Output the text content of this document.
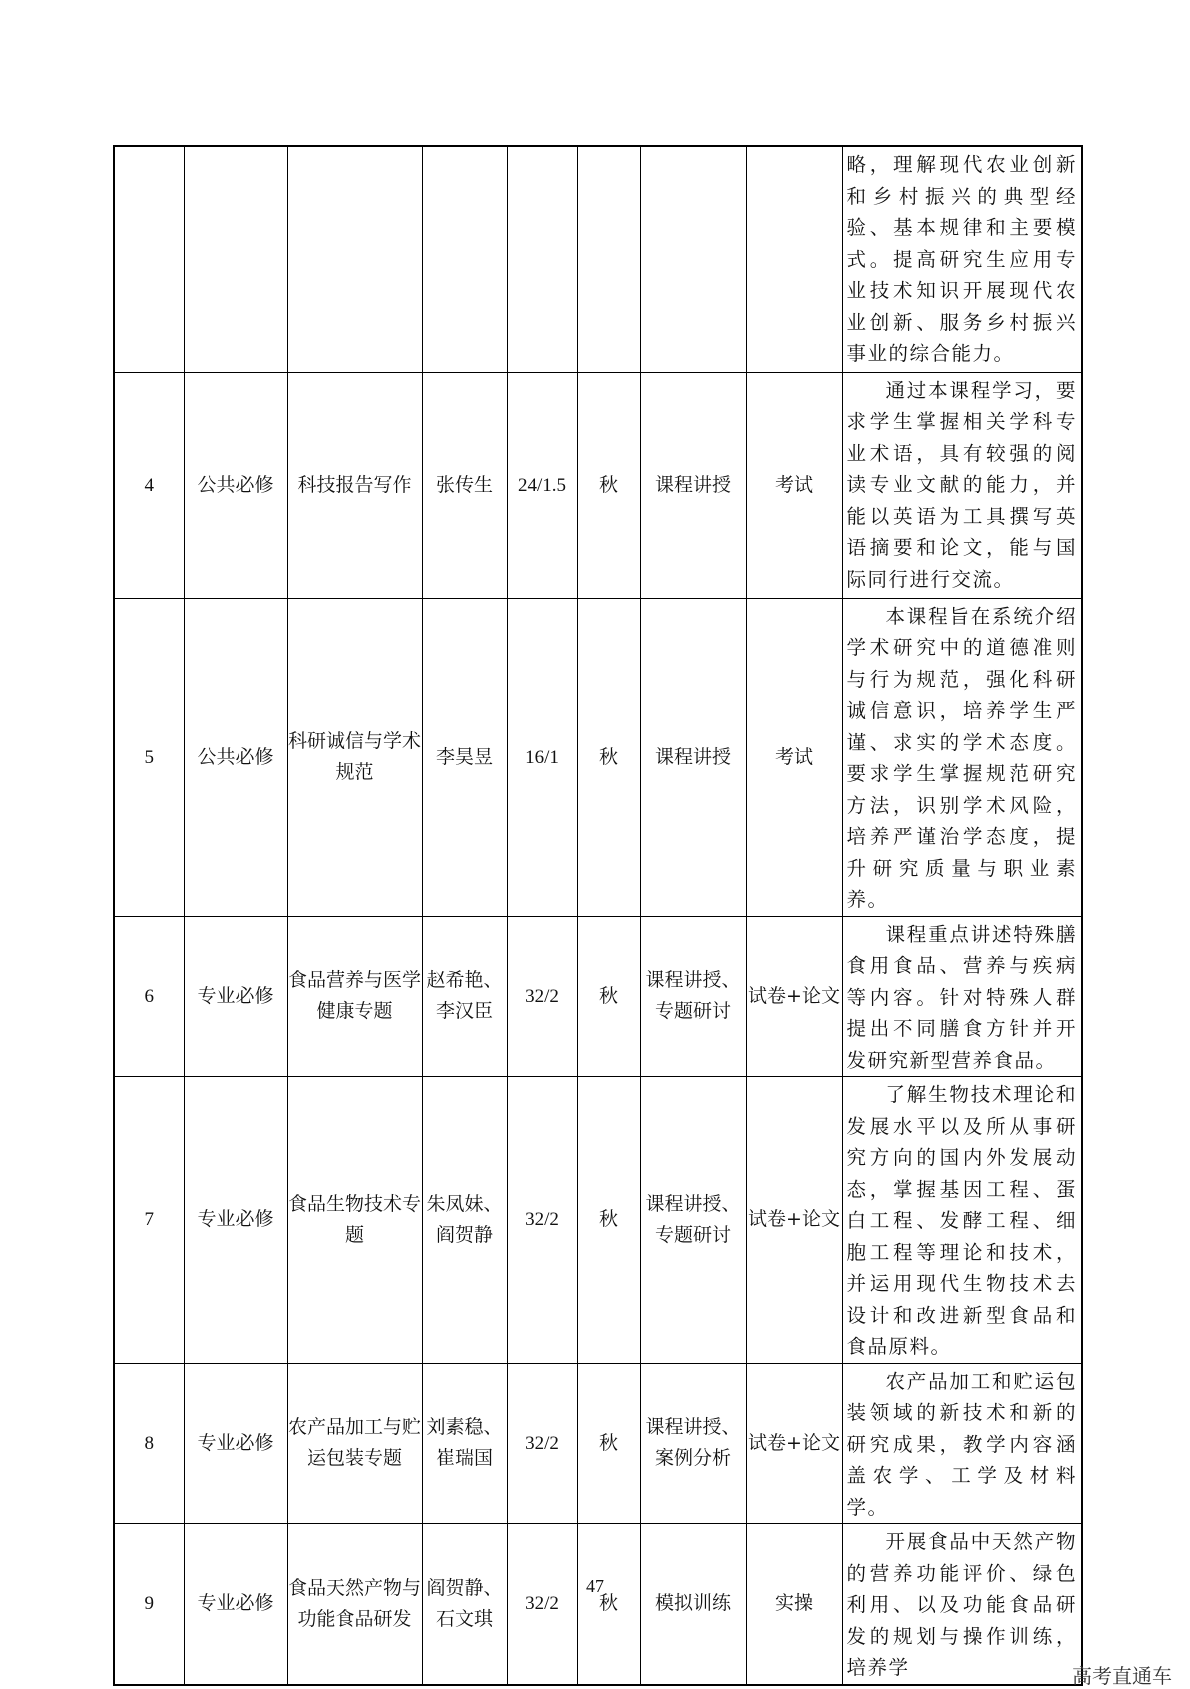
								略，理解现代农业创新和乡村振兴的典型经验、基本规律和主要模式。提高研究生应用专业技术知识开展现代农业创新、服务乡村振兴事业的综合能力。

4	公共必修	科技报告写作	张传生	24/1.5	秋	课程讲授	考试	通过本课程学习，要求学生掌握相关学科专业术语，具有较强的阅读专业文献的能力，并能以英语为工具撰写英语摘要和论文，能与国际同行进行交流。

5	公共必修	科研诚信与学术规范	李昊昱	16/1	秋	课程讲授	考试	本课程旨在系统介绍学术研究中的道德准则与行为规范，强化科研诚信意识，培养学生严谨、求实的学术态度。要求学生掌握规范研究方法，识别学术风险，培养严谨治学态度，提升研究质量与职业素养。

6	专业必修	食品营养与医学健康专题	赵希艳、李汉臣	32/2	秋	课程讲授、专题研讨	试卷+论文	课程重点讲述特殊膳食用食品、营养与疾病等内容。针对特殊人群提出不同膳食方针并开发研究新型营养食品。

7	专业必修	食品生物技术专题	朱凤妹、阎贺静	32/2	秋	课程讲授、专题研讨	试卷+论文	了解生物技术理论和发展水平以及所从事研究方向的国内外发展动态，掌握基因工程、蛋白工程、发酵工程、细胞工程等理论和技术，并运用现代生物技术去设计和改进新型食品和食品原料。

8	专业必修	农产品加工与贮运包装专题	刘素稳、崔瑞国	32/2	秋	课程讲授、案例分析	试卷+论文	农产品加工和贮运包装领域的新技术和新的研究成果，教学内容涵盖农学、工学及材料学。

9	专业必修	食品天然产物与功能食品研发	阎贺静、石文琪	32/2	秋	模拟训练	实操	开展食品中天然产物的营养功能评价、绿色利用、以及功能食品研发的规划与操作训练，培养学

47
高考直通车
